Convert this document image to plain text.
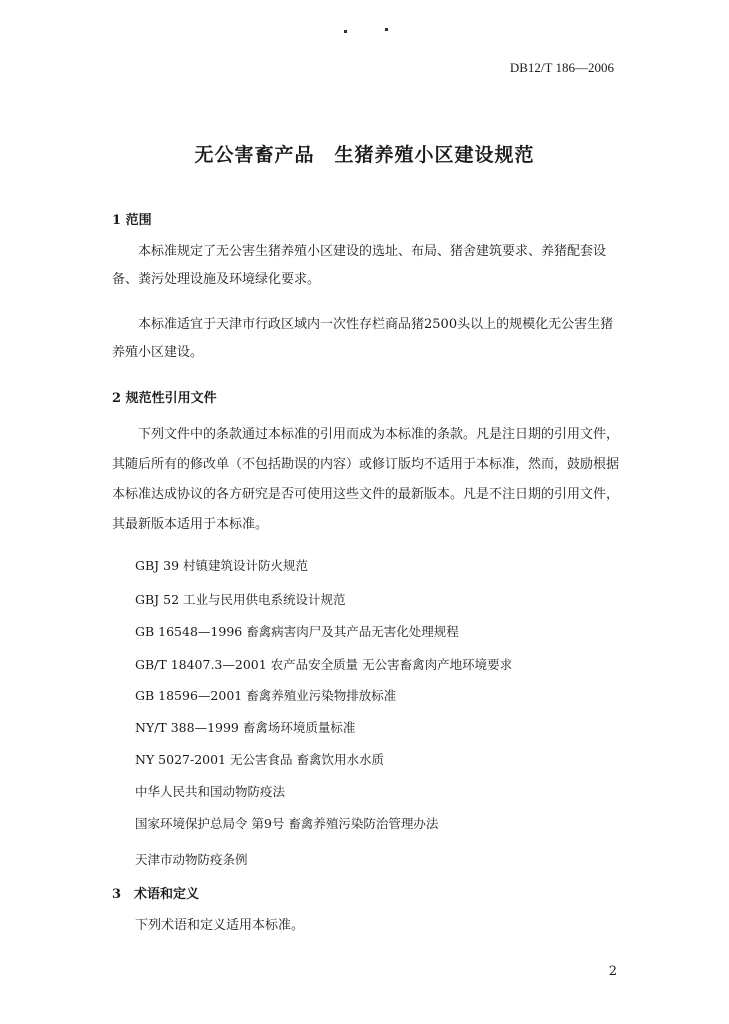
DB12/T 186—2006
无公害畜产品　生猪养殖小区建设规范
1 范围
本标准规定了无公害生猪养殖小区建设的选址、布局、猪舍建筑要求、养猪配套设备、粪污处理设施及环境绿化要求。
本标准适宜于天津市行政区域内一次性存栏商品猪2500头以上的规模化无公害生猪养殖小区建设。
2 规范性引用文件
下列文件中的条款通过本标准的引用而成为本标准的条款。凡是注日期的引用文件，其随后所有的修改单（不包括勘误的内容）或修订版均不适用于本标准，然而，鼓励根据本标准达成协议的各方研究是否可使用这些文件的最新版本。凡是不注日期的引用文件，其最新版本适用于本标准。
GBJ 39 村镇建筑设计防火规范
GBJ 52 工业与民用供电系统设计规范
GB 16548—1996 畜禽病害肉尸及其产品无害化处理规程
GB/T 18407.3—2001 农产品安全质量 无公害畜禽肉产地环境要求
GB 18596—2001 畜禽养殖业污染物排放标准
NY/T 388—1999 畜禽场环境质量标准
NY 5027-2001 无公害食品 畜禽饮用水水质
中华人民共和国动物防疫法
国家环境保护总局令 第9号 畜禽养殖污染防治管理办法
天津市动物防疫条例
3　术语和定义
下列术语和定义适用本标准。
2
